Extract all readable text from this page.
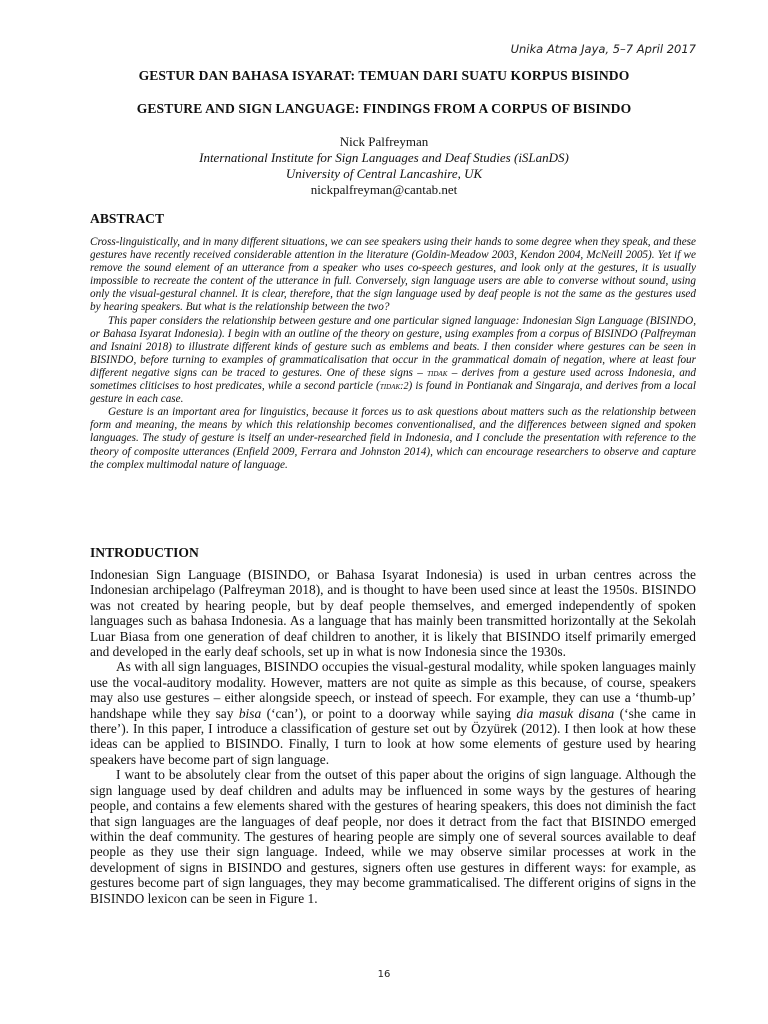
Unika Atma Jaya, 5–7 April 2017
GESTUR DAN BAHASA ISYARAT: TEMUAN DARI SUATU KORPUS BISINDO
GESTURE AND SIGN LANGUAGE: FINDINGS FROM A CORPUS OF BISINDO
Nick Palfreyman
International Institute for Sign Languages and Deaf Studies (iSLanDS)
University of Central Lancashire, UK
nickpalfreyman@cantab.net
ABSTRACT

Cross-linguistically, and in many different situations, we can see speakers using their hands to some degree when they speak, and these gestures have recently received considerable attention in the literature (Goldin-Meadow 2003, Kendon 2004, McNeill 2005). Yet if we remove the sound element of an utterance from a speaker who uses co-speech gestures, and look only at the gestures, it is usually impossible to recreate the content of the utterance in full. Conversely, sign language users are able to converse without sound, using only the visual-gestural channel. It is clear, therefore, that the sign language used by deaf people is not the same as the gestures used by hearing speakers. But what is the relationship between the two?

This paper considers the relationship between gesture and one particular signed language: Indonesian Sign Language (BISINDO, or Bahasa Isyarat Indonesia). I begin with an outline of the theory on gesture, using examples from a corpus of BISINDO (Palfreyman and Isnaini 2018) to illustrate different kinds of gesture such as emblems and beats. I then consider where gestures can be seen in BISINDO, before turning to examples of grammaticalisation that occur in the grammatical domain of negation, where at least four different negative signs can be traced to gestures. One of these signs – tidak – derives from a gesture used across Indonesia, and sometimes cliticises to host predicates, while a second particle (tidak:2) is found in Pontianak and Singaraja, and derives from a local gesture in each case.

Gesture is an important area for linguistics, because it forces us to ask questions about matters such as the relationship between form and meaning, the means by which this relationship becomes conventionalised, and the differences between signed and spoken languages. The study of gesture is itself an under-researched field in Indonesia, and I conclude the presentation with reference to the theory of composite utterances (Enfield 2009, Ferrara and Johnston 2014), which can encourage researchers to observe and capture the complex multimodal nature of language.

INTRODUCTION

Indonesian Sign Language (BISINDO, or Bahasa Isyarat Indonesia) is used in urban centres across the Indonesian archipelago (Palfreyman 2018), and is thought to have been used since at least the 1950s. BISINDO was not created by hearing people, but by deaf people themselves, and emerged independently of spoken languages such as bahasa Indonesia. As a language that has mainly been transmitted horizontally at the Sekolah Luar Biasa from one generation of deaf children to another, it is likely that BISINDO itself primarily emerged and developed in the early deaf schools, set up in what is now Indonesia since the 1930s.

As with all sign languages, BISINDO occupies the visual-gestural modality, while spoken languages mainly use the vocal-auditory modality. However, matters are not quite as simple as this because, of course, speakers may also use gestures – either alongside speech, or instead of speech. For example, they can use a ‘thumb-up’ handshape while they say bisa (‘can’), or point to a doorway while saying dia masuk disana (‘she came in there’). In this paper, I introduce a classification of gesture set out by Özyürek (2012). I then look at how these ideas can be applied to BISINDO. Finally, I turn to look at how some elements of gesture used by hearing speakers have become part of sign language.

I want to be absolutely clear from the outset of this paper about the origins of sign language. Although the sign language used by deaf children and adults may be influenced in some ways by the gestures of hearing people, and contains a few elements shared with the gestures of hearing speakers, this does not diminish the fact that sign languages are the languages of deaf people, nor does it detract from the fact that BISINDO emerged within the deaf community. The gestures of hearing people are simply one of several sources available to deaf people as they use their sign language. Indeed, while we may observe similar processes at work in the development of signs in BISINDO and gestures, signers often use gestures in different ways: for example, as gestures become part of sign languages, they may become grammaticalised. The different origins of signs in the BISINDO lexicon can be seen in Figure 1.

16
